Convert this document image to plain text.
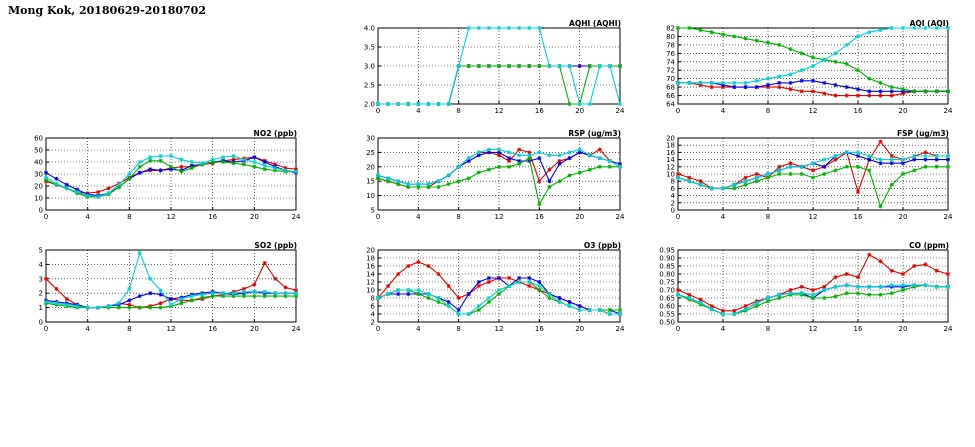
Mong Kok, 20180629-20180702
0	4	8	12	16	20	24
2.0
2.5
3.0
3.5
4.0
AQHI (AQHI)
0	4	8	12	16	20	24
64
66
68
70
72
74
76
78
80
82
AQI (AQI)
0	4	8	12	16	20	24
0
10
20
30
40
50
60
NO2 (ppb)
0	4	8	12	16	20	24
5
10
15
20
25
30
RSP (ug/m3)
0	4	8	12	16	20	24
0
2
4
6
8
10
12
14
16
18
20
FSP (ug/m3)
0	4	8	12	16	20	24
0
1
2
3
4
5
SO2 (ppb)
0	4	8	12	16	20	24
2
4
6
8
10
12
14
16
18
20
O3 (ppb)
0	4	8	12	16	20	24
0.50
0.55
0.60
0.65
0.70
0.75
0.80
0.85
0.90
0.95
CO (ppm)
